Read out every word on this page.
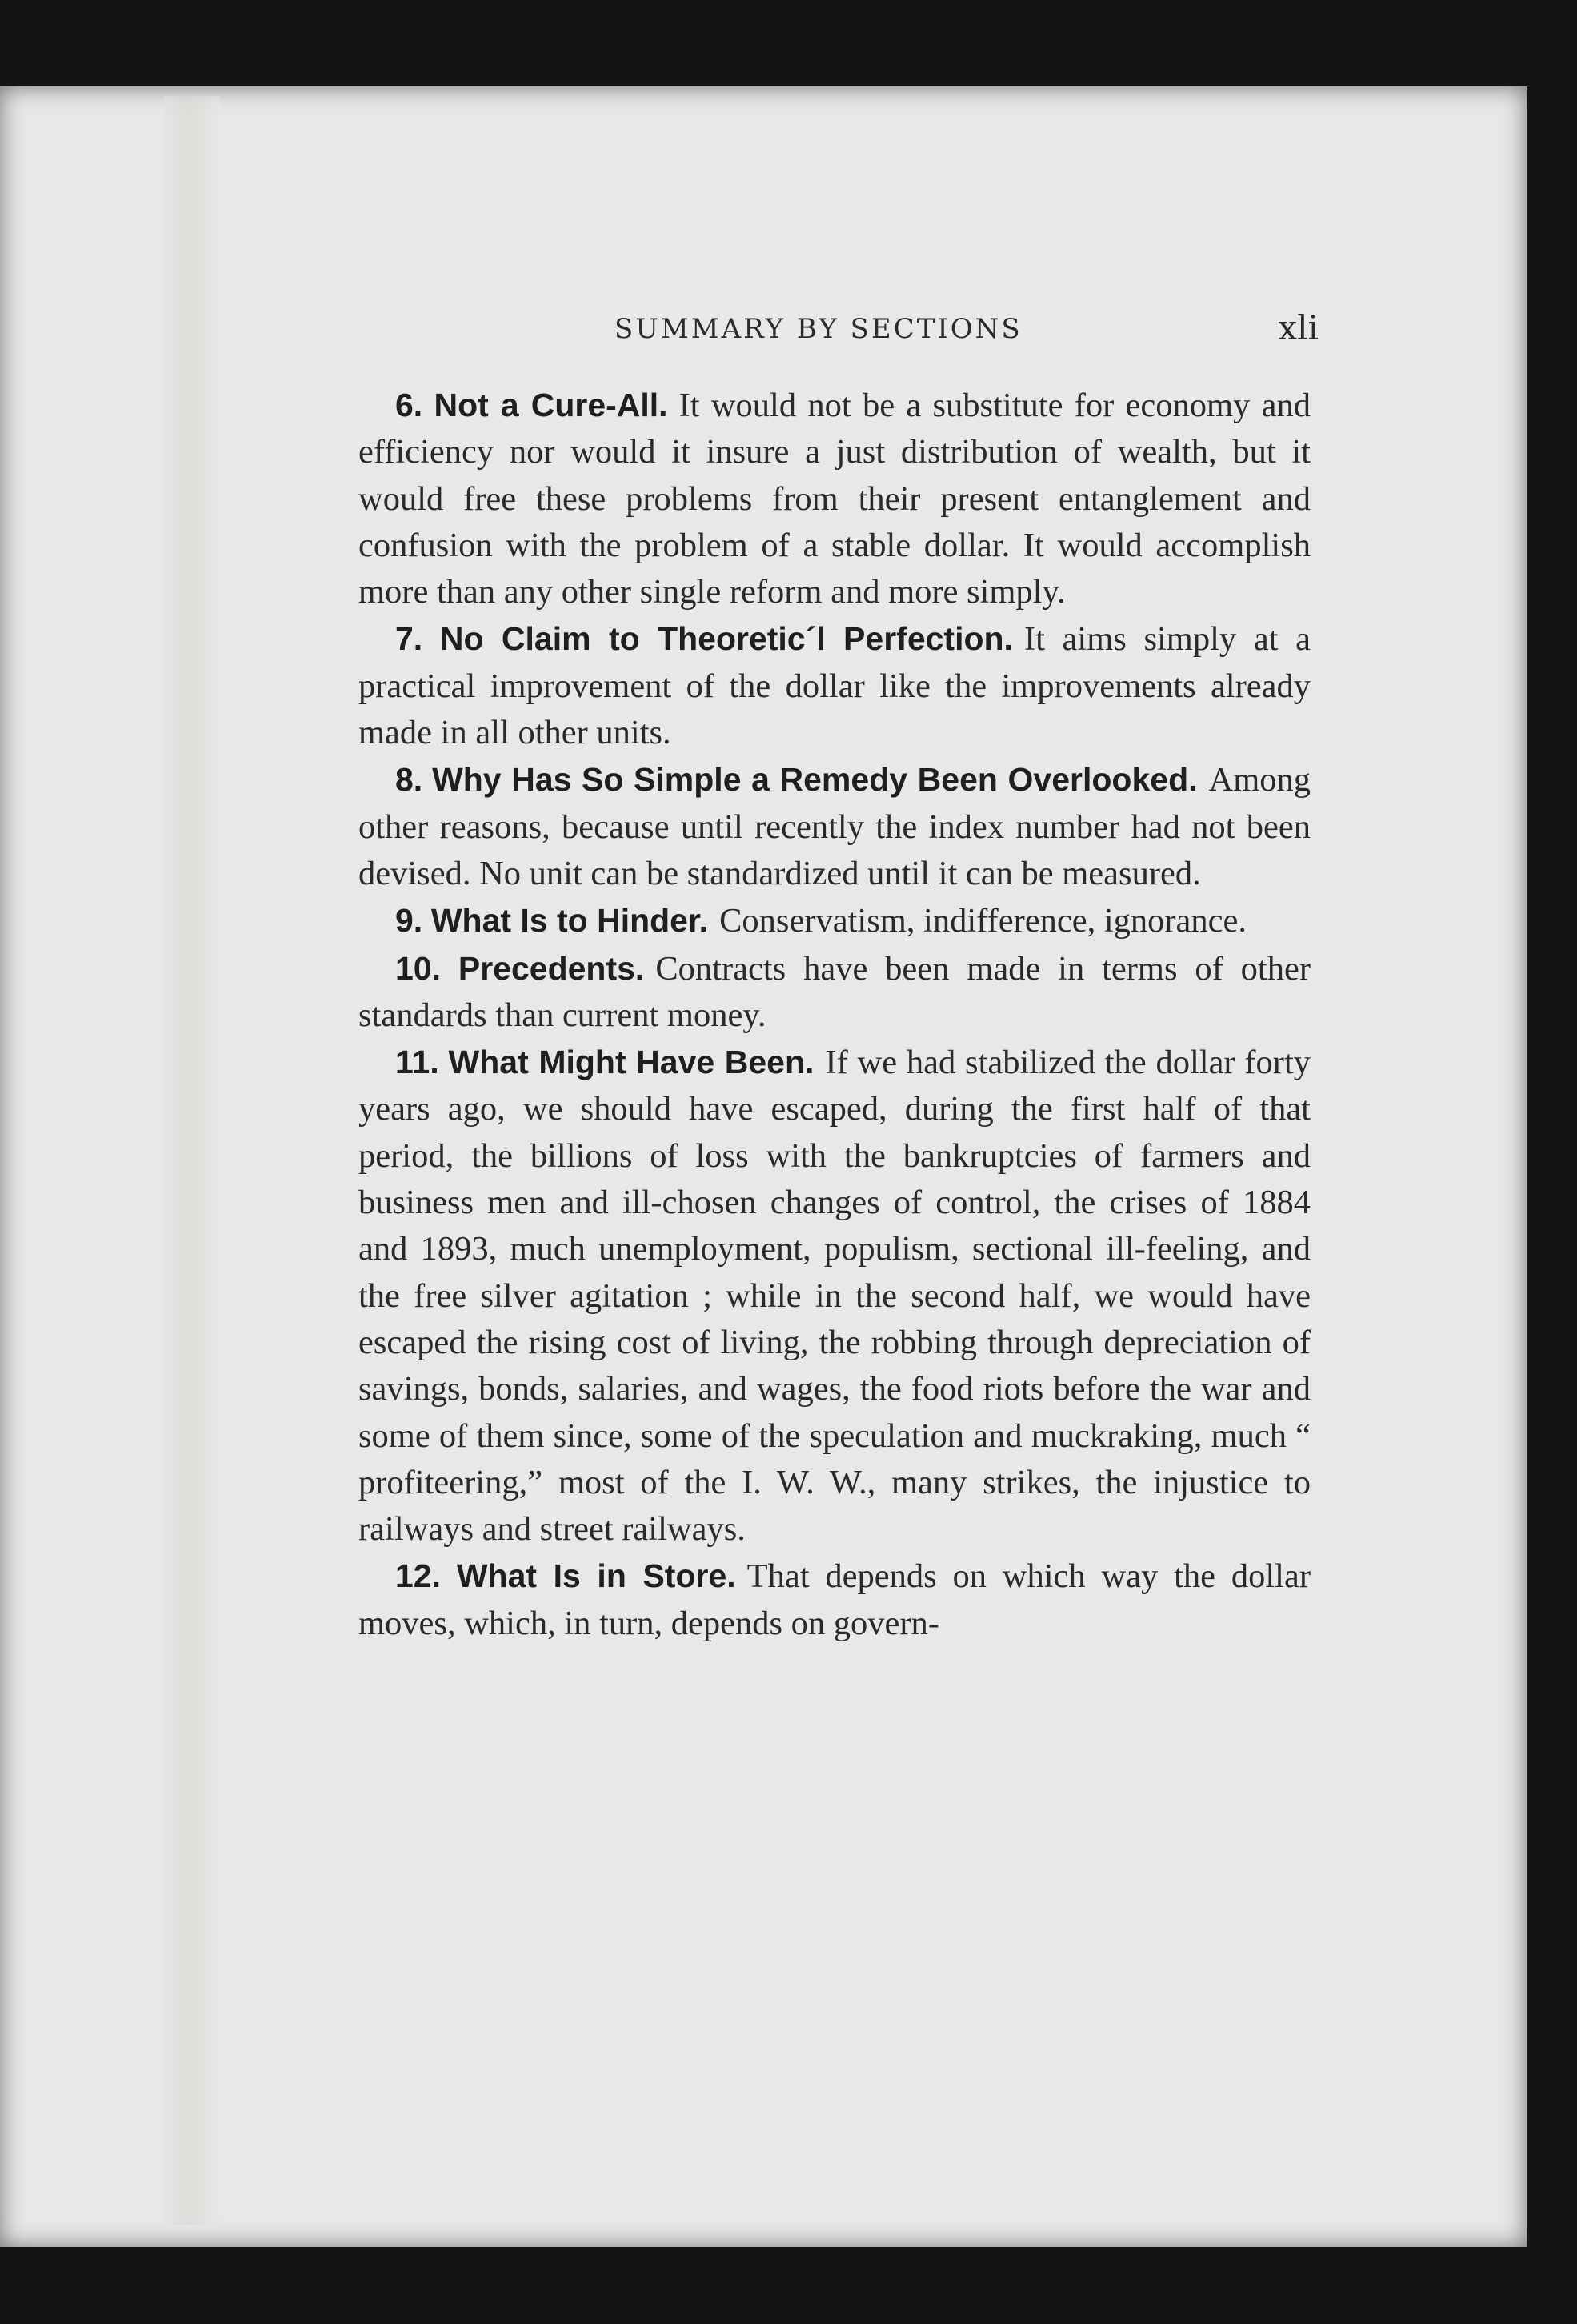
SUMMARY BY SECTIONS	xli

6. Not a Cure-All. It would not be a substitute for economy and efficiency nor would it insure a just distribution of wealth, but it would free these problems from their present entanglement and confusion with the problem of a stable dollar. It would accomplish more than any other single reform and more simply.

7. No Claim to Theoretic´l Perfection. It aims simply at a practical improvement of the dollar like the improvements already made in all other units.

8. Why Has So Simple a Remedy Been Overlooked. Among other reasons, because until recently the index number had not been devised. No unit can be standardized until it can be measured.

9. What Is to Hinder. Conservatism, indifference, ignorance.

10. Precedents. Contracts have been made in terms of other standards than current money.

11. What Might Have Been. If we had stabilized the dollar forty years ago, we should have escaped, during the first half of that period, the billions of loss with the bankruptcies of farmers and business men and ill-chosen changes of control, the crises of 1884 and 1893, much unemployment, populism, sectional ill-feeling, and the free silver agitation ; while in the second half, we would have escaped the rising cost of living, the robbing through depreciation of savings, bonds, salaries, and wages, the food riots before the war and some of them since, some of the speculation and muckraking, much “ profiteering,” most of the I. W. W., many strikes, the injustice to railways and street railways.

12. What Is in Store. That depends on which way the dollar moves, which, in turn, depends on govern-
